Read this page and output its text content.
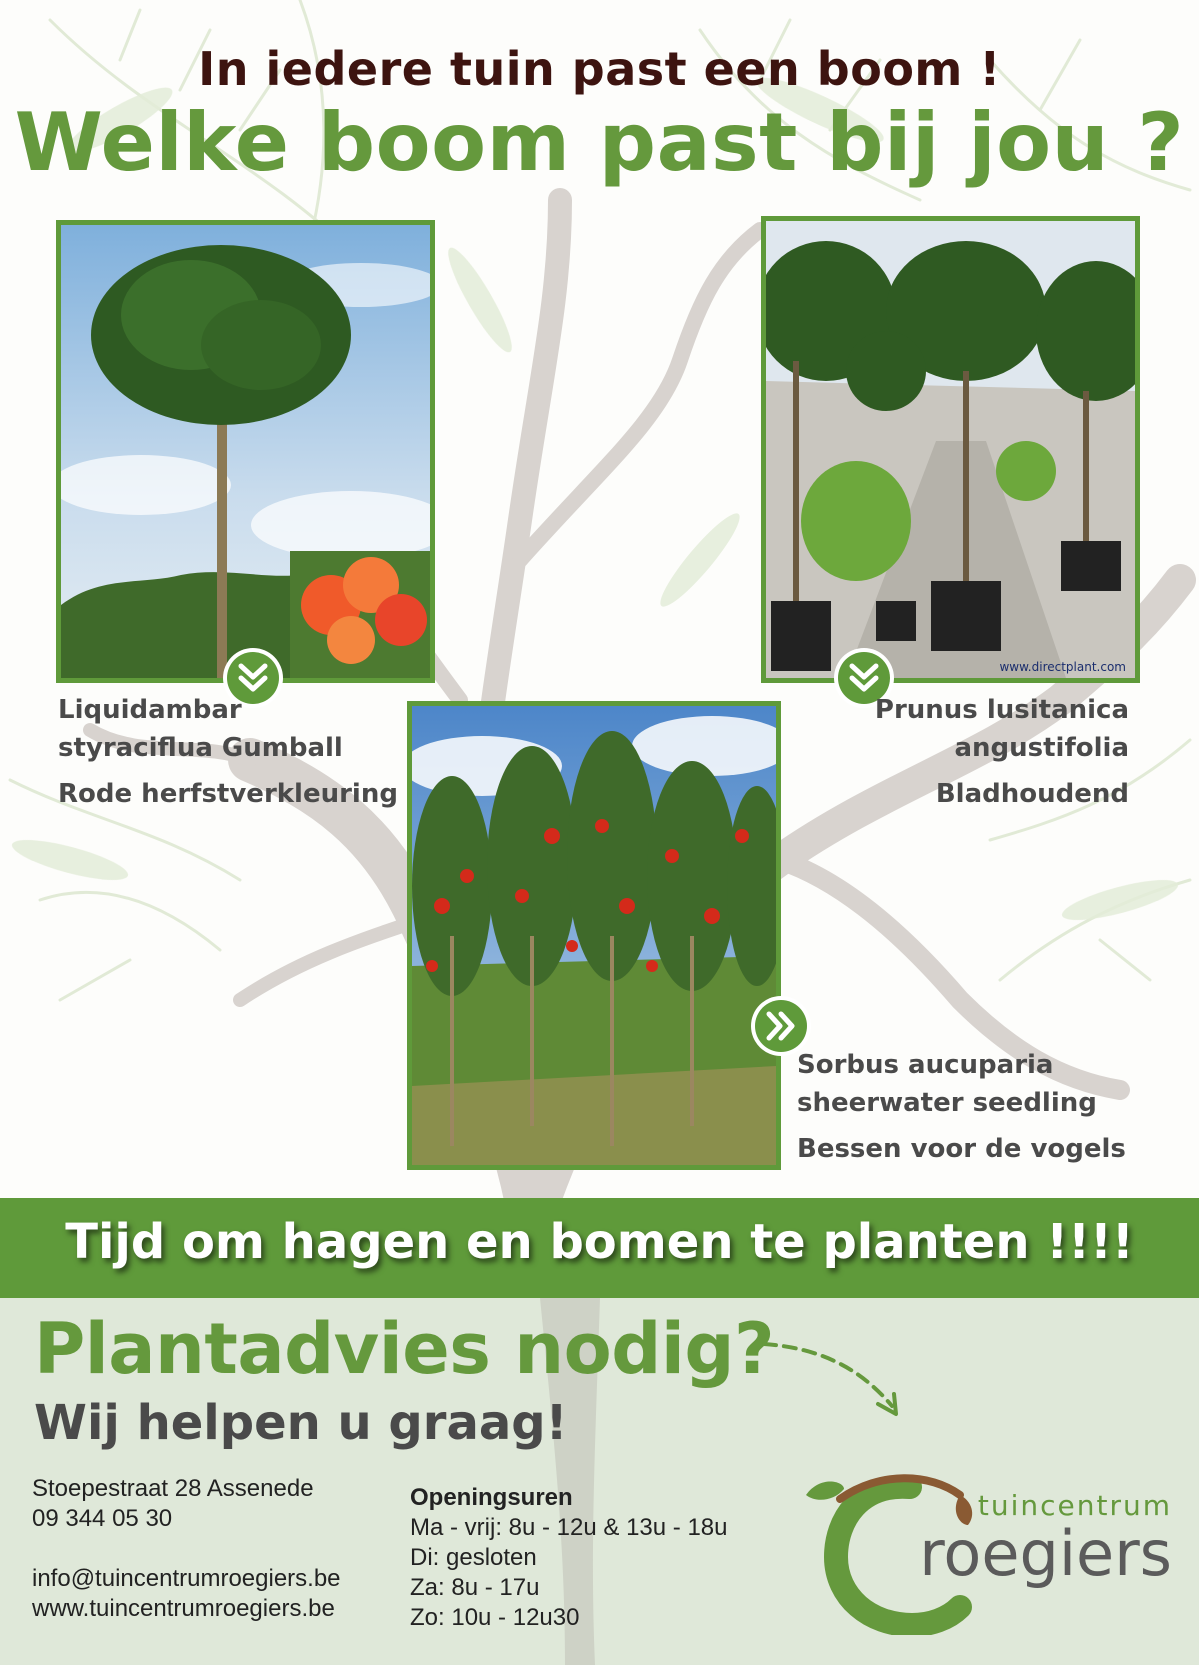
In iedere tuin past een boom !
Welke boom past bij jou ?
www.directplant.com
Liquidambar
styraciflua Gumball
Rode herfstverkleuring
Prunus lusitanica
angustifolia
Bladhoudend
Sorbus aucuparia
sheerwater seedling
Bessen voor de vogels
Tijd om hagen en bomen te planten !!!!
Plantadvies nodig?
Wij helpen u graag!
Stoepestraat 28 Assenede
09 344 05 30
info@tuincentrumroegiers.be
www.tuincentrumroegiers.be
Openingsuren
Ma - vrij: 8u - 12u & 13u - 18u
Di: gesloten
Za: 8u - 17u
Zo: 10u - 12u30
tuincentrum
roegiers
